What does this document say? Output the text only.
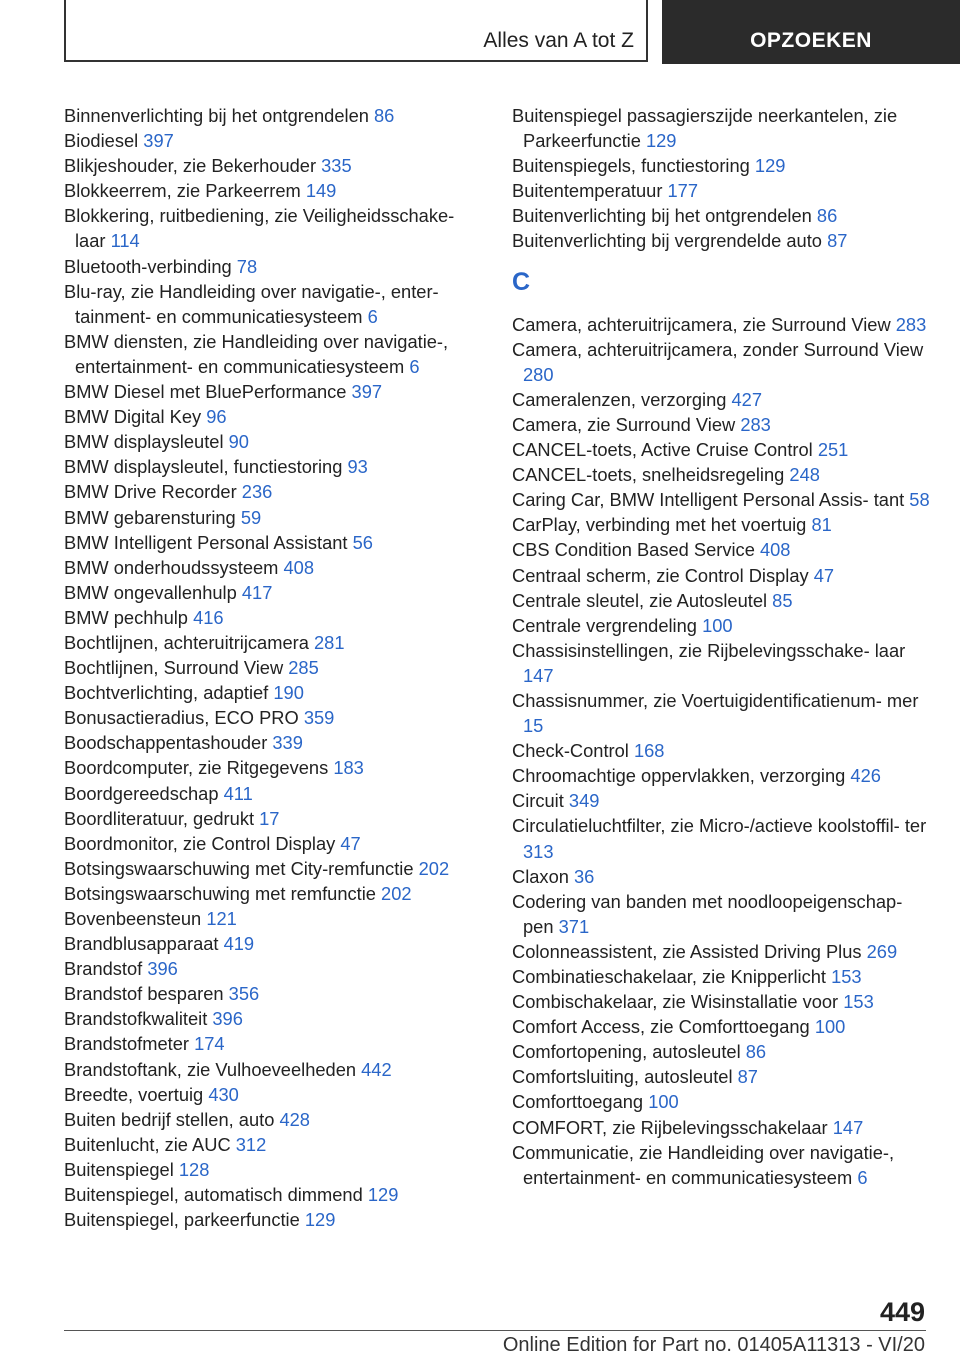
Alles van A tot Z	OPZOEKEN
Binnenverlichting bij het ontgrendelen 86
Biodiesel 397
Blikjeshouder, zie Bekerhouder 335
Blokkeerrem, zie Parkeerrem 149
Blokkering, ruitbediening, zie Veiligheidsschake- laar 114
Bluetooth-verbinding 78
Blu-ray, zie Handleiding over navigatie-, enter- tainment- en communicatiesysteem 6
BMW diensten, zie Handleiding over navigatie-, entertainment- en communicatiesysteem 6
BMW Diesel met BluePerformance 397
BMW Digital Key 96
BMW displaysleutel 90
BMW displaysleutel, functiestoring 93
BMW Drive Recorder 236
BMW gebarensturing 59
BMW Intelligent Personal Assistant 56
BMW onderhoudssysteem 408
BMW ongevallenhulp 417
BMW pechhulp 416
Bochtlijnen, achteruitrijcamera 281
Bochtlijnen, Surround View 285
Bochtverlichting, adaptief 190
Bonusactieradius, ECO PRO 359
Boodschappentashouder 339
Boordcomputer, zie Ritgegevens 183
Boordgereedschap 411
Boordliteratuur, gedrukt 17
Boordmonitor, zie Control Display 47
Botsingswaarschuwing met City-remfunctie 202
Botsingswaarschuwing met remfunctie 202
Bovenbeensteun 121
Brandblusapparaat 419
Brandstof 396
Brandstof besparen 356
Brandstofkwaliteit 396
Brandstofmeter 174
Brandstoftank, zie Vulhoeveelheden 442
Breedte, voertuig 430
Buiten bedrijf stellen, auto 428
Buitenlucht, zie AUC 312
Buitenspiegel 128
Buitenspiegel, automatisch dimmend 129
Buitenspiegel, parkeerfunctie 129
Buitenspiegel passagierszijde neerkantelen, zie Parkeerfunctie 129
Buitenspiegels, functiestoring 129
Buitentemperatuur 177
Buitenverlichting bij het ontgrendelen 86
Buitenverlichting bij vergrendelde auto 87
C
Camera, achteruitrijcamera, zie Surround View 283
Camera, achteruitrijcamera, zonder Surround View 280
Cameralenzen, verzorging 427
Camera, zie Surround View 283
CANCEL-toets, Active Cruise Control 251
CANCEL-toets, snelheidsregeling 248
Caring Car, BMW Intelligent Personal Assis- tant 58
CarPlay, verbinding met het voertuig 81
CBS Condition Based Service 408
Centraal scherm, zie Control Display 47
Centrale sleutel, zie Autosleutel 85
Centrale vergrendeling 100
Chassisinstellingen, zie Rijbelevingsschake- laar 147
Chassisnummer, zie Voertuigidentificatienum- mer 15
Check-Control 168
Chroomachtige oppervlakken, verzorging 426
Circuit 349
Circulatieluchtfilter, zie Micro-/actieve koolstoffil- ter 313
Claxon 36
Codering van banden met noodloopeigenschap- pen 371
Colonneassistent, zie Assisted Driving Plus 269
Combinatieschakelaar, zie Knipperlicht 153
Combischakelaar, zie Wisinstallatie voor 153
Comfort Access, zie Comforttoegang 100
Comfortopening, autosleutel 86
Comfortsluiting, autosleutel 87
Comforttoegang 100
COMFORT, zie Rijbelevingsschakelaar 147
Communicatie, zie Handleiding over navigatie-, entertainment- en communicatiesysteem 6
449
Online Edition for Part no. 01405A11313 - VI/20
